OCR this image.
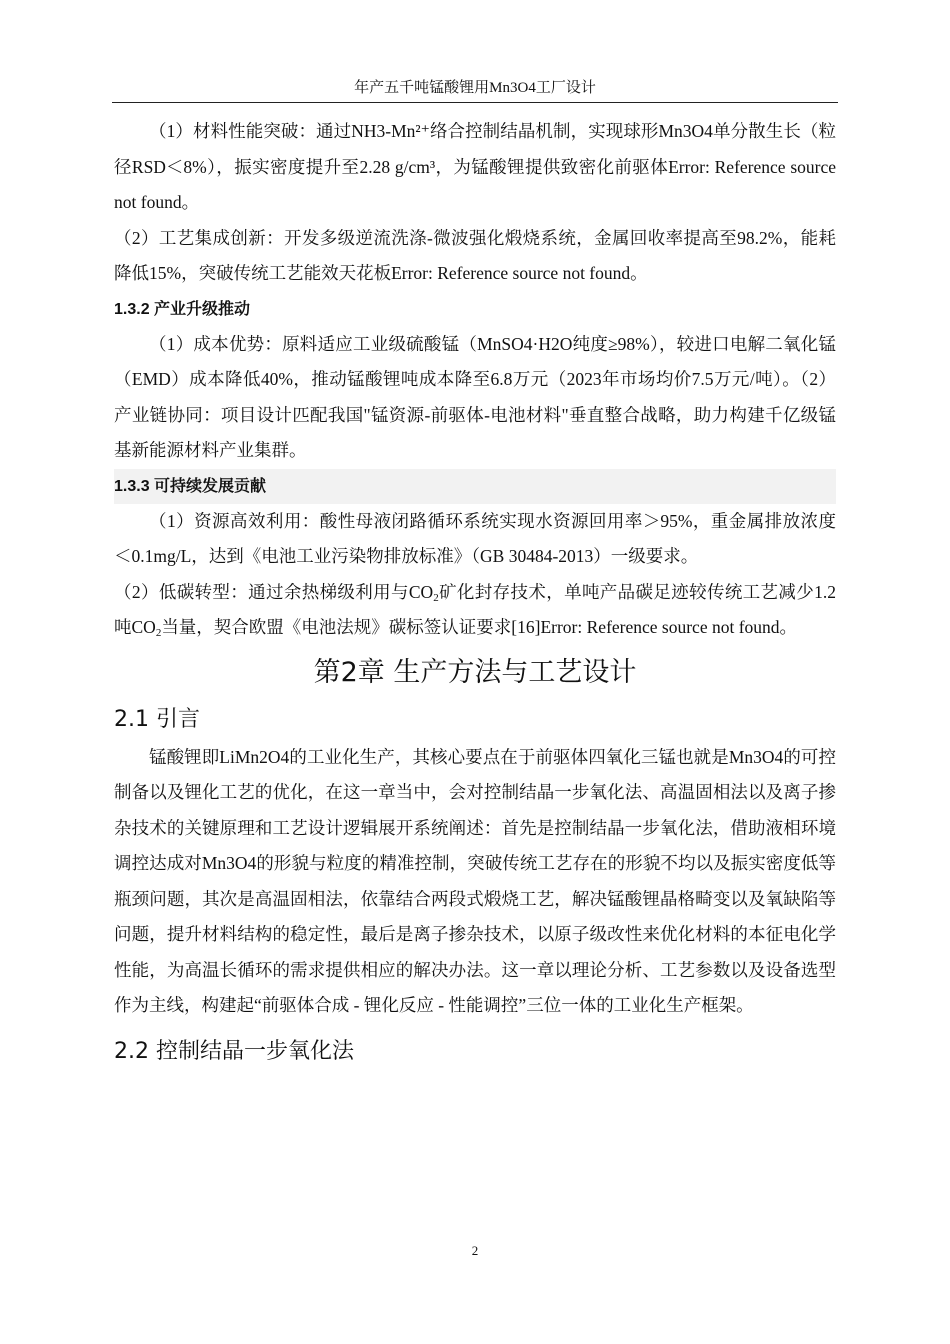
年产五千吨锰酸锂用Mn3O4工厂设计

（1）材料性能突破：通过NH3-Mn²⁺络合控制结晶机制，实现球形Mn3O4单分散生长（粒径RSD＜8%），振实密度提升至2.28 g/cm³，为锰酸锂提供致密化前驱体Error: Reference source not found。

（2）工艺集成创新：开发多级逆流洗涤-微波强化煅烧系统，金属回收率提高至98.2%，能耗降低15%，突破传统工艺能效天花板Error: Reference source not found。

1.3.2 产业升级推动

（1）成本优势：原料适应工业级硫酸锰（MnSO4·H2O纯度≥98%），较进口电解二氧化锰（EMD）成本降低40%，推动锰酸锂吨成本降至6.8万元（2023年市场均价7.5万元/吨）。（2）产业链协同：项目设计匹配我国"锰资源-前驱体-电池材料"垂直整合战略，助力构建千亿级锰基新能源材料产业集群。

1.3.3 可持续发展贡献

（1）资源高效利用：酸性母液闭路循环系统实现水资源回用率＞95%，重金属排放浓度＜0.1mg/L，达到《电池工业污染物排放标准》（GB 30484-2013）一级要求。

（2）低碳转型：通过余热梯级利用与$CO_2$矿化封存技术，单吨产品碳足迹较传统工艺减少1.2吨$CO_2$当量，契合欧盟《电池法规》碳标签认证要求[16]Error: Reference source not found。

第2章 生产方法与工艺设计
2.1 引言

锰酸锂即LiMn2O4的工业化生产，其核心要点在于前驱体四氧化三锰也就是Mn3O4的可控制备以及锂化工艺的优化，在这一章当中，会对控制结晶一步氧化法、高温固相法以及离子掺杂技术的关键原理和工艺设计逻辑展开系统阐述：首先是控制结晶一步氧化法，借助液相环境调控达成对Mn3O4的形貌与粒度的精准控制，突破传统工艺存在的形貌不均以及振实密度低等瓶颈问题，其次是高温固相法，依靠结合两段式煅烧工艺，解决锰酸锂晶格畸变以及氧缺陷等问题，提升材料结构的稳定性，最后是离子掺杂技术，以原子级改性来优化材料的本征电化学性能，为高温长循环的需求提供相应的解决办法。这一章以理论分析、工艺参数以及设备选型作为主线，构建起“前驱体合成 - 锂化反应 - 性能调控”三位一体的工业化生产框架。

2.2 控制结晶一步氧化法
2
